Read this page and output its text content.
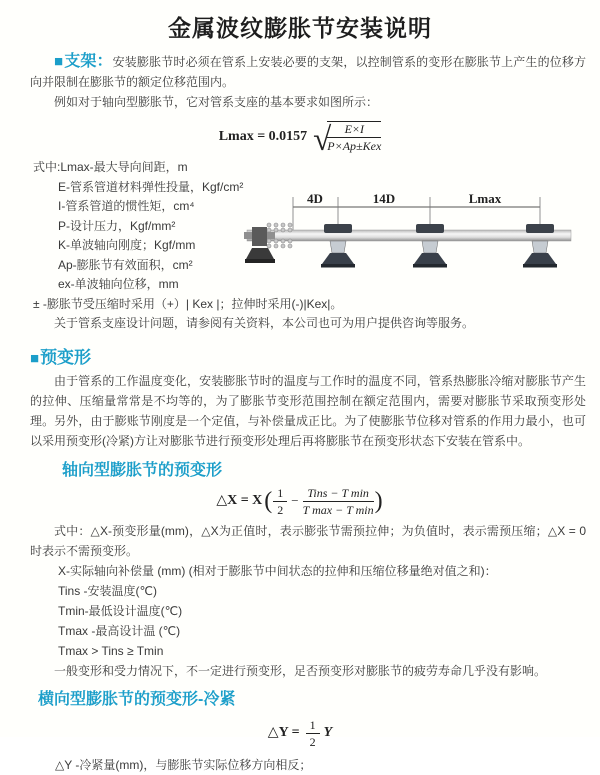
金属波纹膨胀节安装说明

■支架：安装膨胀节时必须在管系上安装必要的支架，以控制管系的变形在膨胀节上产生的位移方向并限制在膨胀节的额定位移范围内。

例如对于轴向型膨胀节，它对管系支座的基本要求如图所示：

Lmax = 0.0157 √
$\frac{E\times I}{\text{P×Ap±Kex}}$

式中:Lmax-最大导向间距，m

E-管系管道材料弹性投量，Kgf/cm²

I-管系管道的惯性矩，cm⁴

P-设计压力，Kgf/mm²

K-单波轴向刚度；Kgf/mm

Ap-膨胀节有效面积，cm²

ex-单波轴向位移，mm

± -膨胀节受压缩时采用（+）| Kex |；拉伸时采用(-)|Kex|。

关于管系支座设计问题，请参阅有关资料，本公司也可为用户提供咨询等服务。

4D	14D	Lmax
■预变形

由于管系的工作温度变化，安装膨胀节时的温度与工作时的温度不同，管系热膨胀冷缩对膨胀节产生的拉伸、压缩量常常是不均等的，为了膨胀节变形范围控制在额定范围内，需要对膨胀节采取预变形处理。另外，由于膨账节刚度是一个定值，与补偿量成正比。为了使膨胀节位移对管系的作用力最小，也可以采用预变形(冷紧)方让对膨胀节进行预变形处理后再将膨胀节在预变形状态下安装在管系中。

轴向型膨胀节的预变形

△X = X ( $\frac{1}{2} - \frac{\text{Tins − T min}}{\text{T max − T min}}$ )

式中：△X-预变形量(mm)，△X为正值时，表示膨张节需预拉伸；为负值时，表示需预压缩；△X = 0时表示不需预变形。

X-实际轴向补偿量 (mm) (相对于膨胀节中间状态的拉伸和压缩位移量绝对值之和)：

Tins -安装温度(℃)

Tmin-最低设计温度(℃)

Tmax -最高设计温 (℃)

Tmax > Tins ≥ Tmin

一般变形和受力情况下，不一定进行预变形，足否预变形对膨胀节的疲劳寿命几乎没有影响。

横向型膨胀节的预变形-冷紧

△Y = $\frac{1}{2}$ Y

△Y -冷紧量(mm)，与膨胀节实际位移方向相反；
